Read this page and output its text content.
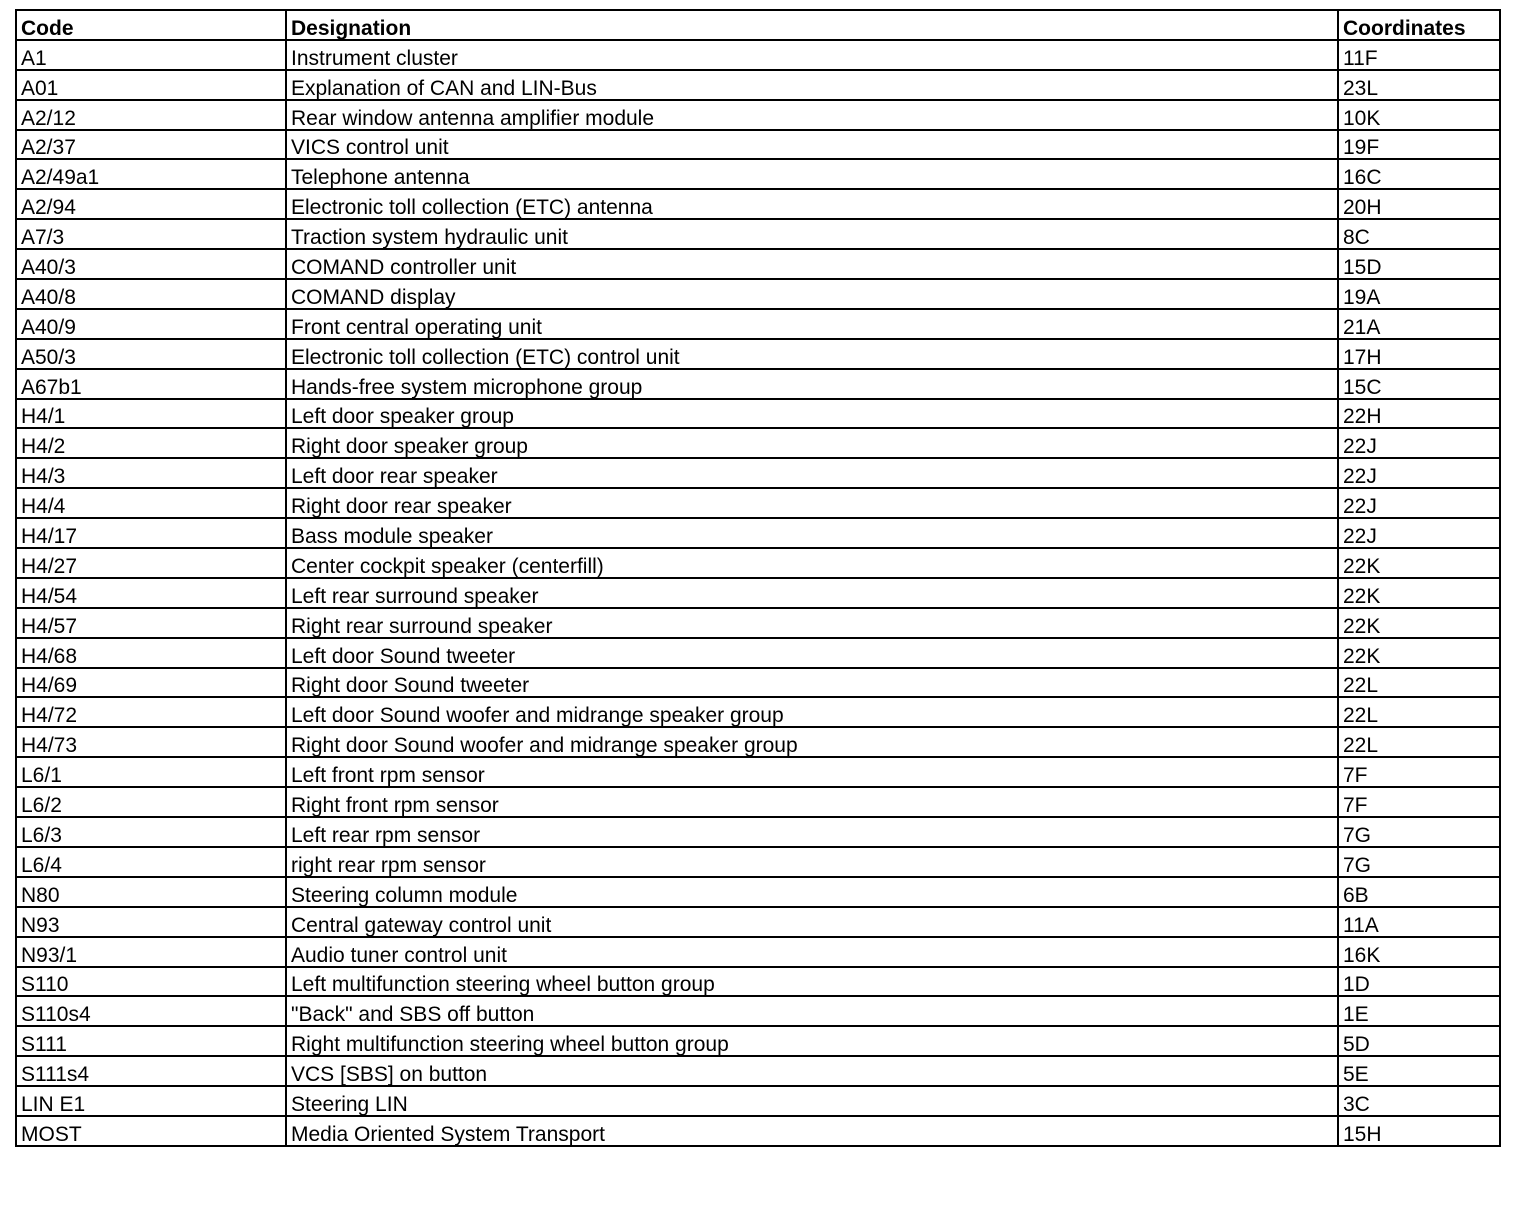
Code	Designation	Coordinates
A1	Instrument cluster	11F
A01	Explanation of CAN and LIN-Bus	23L
A2/12	Rear window antenna amplifier module	10K
A2/37	VICS control unit	19F
A2/49a1	Telephone antenna	16C
A2/94	Electronic toll collection (ETC) antenna	20H
A7/3	Traction system hydraulic unit	8C
A40/3	COMAND controller unit	15D
A40/8	COMAND display	19A
A40/9	Front central operating unit	21A
A50/3	Electronic toll collection (ETC) control unit	17H
A67b1	Hands-free system microphone group	15C
H4/1	Left door speaker group	22H
H4/2	Right door speaker group	22J
H4/3	Left door rear speaker	22J
H4/4	Right door rear speaker	22J
H4/17	Bass module speaker	22J
H4/27	Center cockpit speaker (centerfill)	22K
H4/54	Left rear surround speaker	22K
H4/57	Right rear surround speaker	22K
H4/68	Left door Sound tweeter	22K
H4/69	Right door Sound tweeter	22L
H4/72	Left door Sound woofer and midrange speaker group	22L
H4/73	Right door Sound woofer and midrange speaker group	22L
L6/1	Left front rpm sensor	7F
L6/2	Right front rpm sensor	7F
L6/3	Left rear rpm sensor	7G
L6/4	right rear rpm sensor	7G
N80	Steering column module	6B
N93	Central gateway control unit	11A
N93/1	Audio tuner control unit	16K
S110	Left multifunction steering wheel button group	1D
S110s4	"Back" and SBS off button	1E
S111	Right multifunction steering wheel button group	5D
S111s4	VCS [SBS] on button	5E
LIN E1	Steering LIN	3C
MOST	Media Oriented System Transport	15H
